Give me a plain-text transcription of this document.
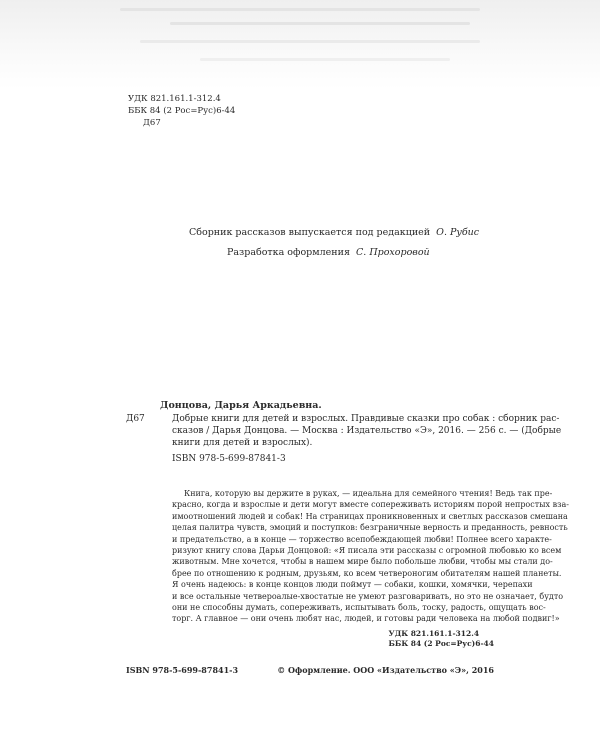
УДК 821.161.1-312.4
ББК 84 (2 Рос=Рус)6-44
Д67
Сборник рассказов выпускается под редакцией О. Рубис
Разработка оформления С. Прохоровой
Донцова, Дарья Аркадьевна.
Д67	Добрые книги для детей и взрослых. Правдивые сказки про собак : сборник рас-
сказов / Дарья Донцова. — Москва : Издательство «Э», 2016. — 256 с. — (Добрые
книги для детей и взрослых).
ISBN 978-5-699-87841-3
Книга, которую вы держите в руках, — идеальна для семейного чтения! Ведь так пре-
красно, когда и взрослые и дети могут вместе сопереживать историям порой непростых вза-
имоотношений людей и собак! На страницах проникновенных и светлых рассказов смешана
целая палитра чувств, эмоций и поступков: безграничные верность и преданность, ревность
и предательство, а в конце — торжество всепобеждающей любви! Полнее всего характе-
ризуют книгу слова Дарьи Донцовой: «Я писала эти рассказы с огромной любовью ко всем
животным. Мне хочется, чтобы в нашем мире было побольше любви, чтобы мы стали до-
брее по отношению к родным, друзьям, ко всем четвероногим обитателям нашей планеты.
Я очень надеюсь: в конце концов люди поймут — собаки, кошки, хомячки, черепахи
и все остальные четвероалые-хвостатые не умеют разговаривать, но это не означает, будто
они не способны думать, сопереживать, испытывать боль, тоску, радость, ощущать вос-
торг. А главное — они очень любят нас, людей, и готовы ради человека на любой подвиг!»
УДК 821.161.1-312.4
ББК 84 (2 Рос=Рус)6-44
ISBN 978-5-699-87841-3	© Оформление. ООО «Издательство «Э», 2016
